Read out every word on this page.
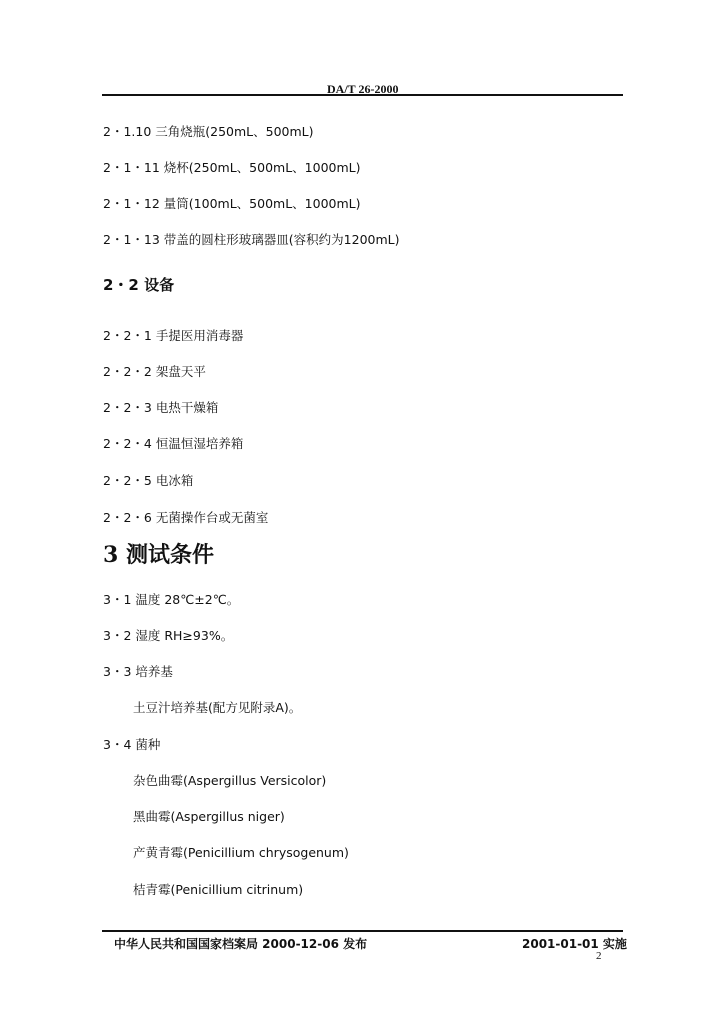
DA/T 26-2000
2・1.10 三角烧瓶(250mL、500mL)
2・1・11 烧杯(250mL、500mL、1000mL)
2・1・12 量筒(100mL、500mL、1000mL)
2・1・13 带盖的圆柱形玻璃器皿(容积约为1200mL)
2・2 设备
2・2・1 手提医用消毒器
2・2・2 架盘天平
2・2・3 电热干燥箱
2・2・4 恒温恒湿培养箱
2・2・5 电冰箱
2・2・6 无菌操作台或无菌室
3 测试条件
3・1 温度 28℃±2℃。
3・2 湿度 RH≥93%。
3・3 培养基
土豆汁培养基(配方见附录A)。
3・4 菌种
杂色曲霉(Aspergillus Versicolor)
黑曲霉(Aspergillus niger)
产黄青霉(Penicillium chrysogenum)
桔青霉(Penicillium citrinum)
中华人民共和国国家档案局 2000-12-06 发布	2001-01-01 实施
2
